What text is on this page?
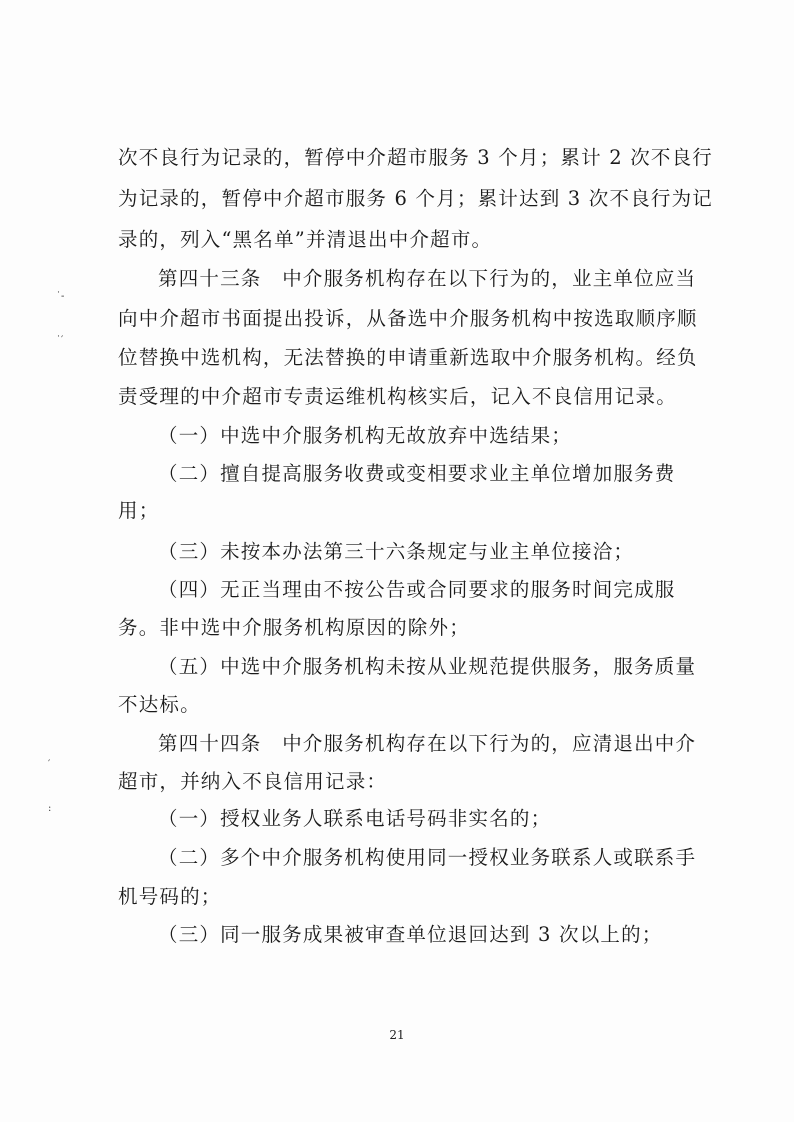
˙-
˙′
′
:
次不良行为记录的，暂停中介超市服务 3 个月；累计 2 次不良行
为记录的，暂停中介超市服务 6 个月；累计达到 3 次不良行为记
录的，列入“黑名单”并清退出中介超市。
第四十三条　中介服务机构存在以下行为的，业主单位应当
向中介超市书面提出投诉，从备选中介服务机构中按选取顺序顺
位替换中选机构，无法替换的申请重新选取中介服务机构。经负
责受理的中介超市专责运维机构核实后，记入不良信用记录。
（一）中选中介服务机构无故放弃中选结果；
（二）擅自提高服务收费或变相要求业主单位增加服务费
用；
（三）未按本办法第三十六条规定与业主单位接洽；
（四）无正当理由不按公告或合同要求的服务时间完成服
务。非中选中介服务机构原因的除外；
（五）中选中介服务机构未按从业规范提供服务，服务质量
不达标。
第四十四条　中介服务机构存在以下行为的，应清退出中介
超市，并纳入不良信用记录：
（一）授权业务人联系电话号码非实名的；
（二）多个中介服务机构使用同一授权业务联系人或联系手
机号码的；
（三）同一服务成果被审查单位退回达到 3 次以上的；
21
